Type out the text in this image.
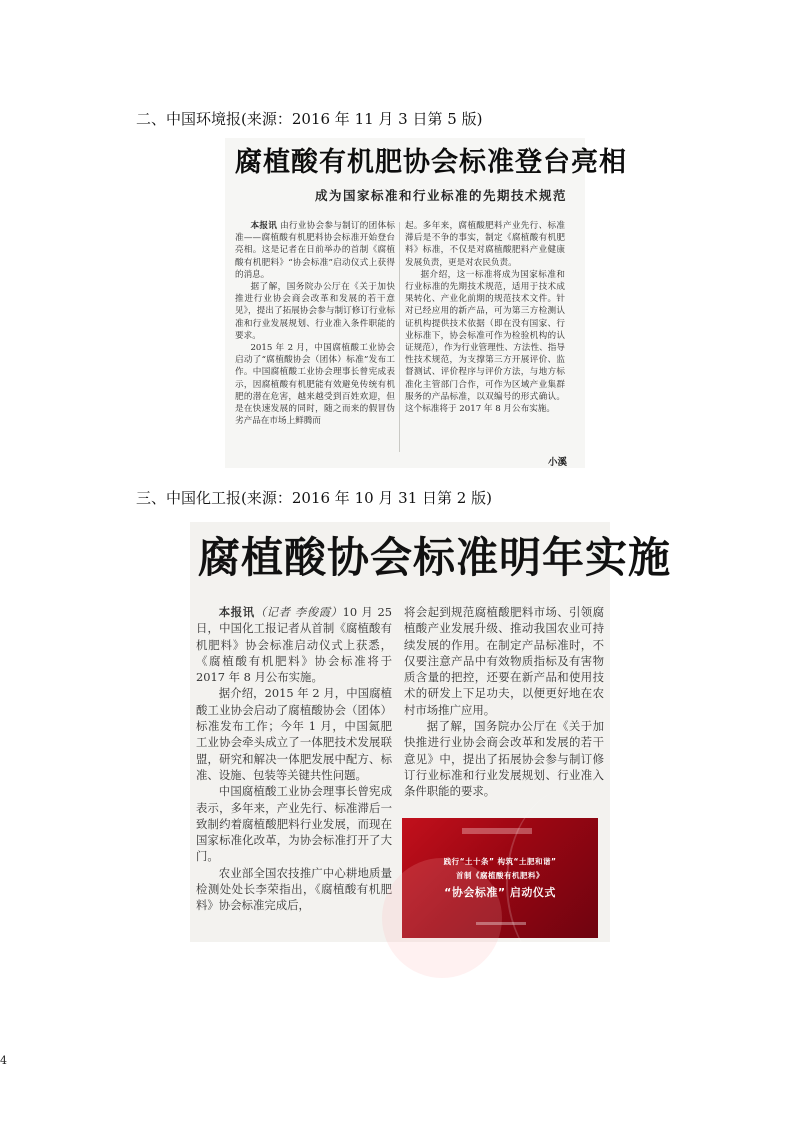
二、中国环境报(来源：2016 年 11 月 3 日第 5 版)
腐植酸有机肥协会标准登台亮相
成为国家标准和行业标准的先期技术规范

本报讯 由行业协会参与制订的团体标准——腐植酸有机肥料协会标准开始登台亮相。这是记者在日前举办的首制《腐植酸有机肥料》“协会标准”启动仪式上获得的消息。

据了解，国务院办公厅在《关于加快推进行业协会商会改革和发展的若干意见》，提出了拓展协会参与制订修订行业标准和行业发展规划、行业准入条件职能的要求。

2015 年 2 月，中国腐植酸工业协会启动了“腐植酸协会（团体）标准”发布工作。中国腐植酸工业协会理事长曾宪成表示，因腐植酸有机肥能有效避免传统有机肥的潜在危害，越来越受到百姓欢迎，但是在快速发展的同时，随之而来的假冒伪劣产品在市场上鲜腾而

起。多年来，腐植酸肥料产业先行、标准滞后是不争的事实，制定《腐植酸有机肥料》标准，不仅是对腐植酸肥料产业健康发展负责，更是对农民负责。

据介绍，这一标准将成为国家标准和行业标准的先期技术规范，适用于技术成果转化、产业化前期的规范技术文件。针对已经应用的新产品，可为第三方检测认证机构提供技术依据（即在没有国家、行业标准下，协会标准可作为检验机构的认证规范），作为行业管理性、方法性、指导性技术规范，为支撑第三方开展评价、监督测试、评价程序与评价方法，与地方标准化主管部门合作，可作为区域产业集群服务的产品标准，以双编号的形式确认。这个标准将于 2017 年 8 月公布实施。

小溪
三、中国化工报(来源：2016 年 10 月 31 日第 2 版)
腐植酸协会标准明年实施

本报讯（记者 李俊霞）10 月 25 日，中国化工报记者从首制《腐植酸有机肥料》协会标准启动仪式上获悉，《腐植酸有机肥料》协会标准将于 2017 年 8 月公布实施。

据介绍，2015 年 2 月，中国腐植酸工业协会启动了腐植酸协会（团体）标准发布工作；今年 1 月，中国氮肥工业协会牵头成立了一体肥技术发展联盟，研究和解决一体肥发展中配方、标准、设施、包装等关键共性问题。

中国腐植酸工业协会理事长曾宪成表示，多年来，产业先行、标准滞后一致制约着腐植酸肥料行业发展，而现在国家标准化改革，为协会标准打开了大门。

农业部全国农技推广中心耕地质量检测处处长李荣指出，《腐植酸有机肥料》协会标准完成后，

将会起到规范腐植酸肥料市场、引领腐植酸产业发展升级、推动我国农业可持续发展的作用。在制定产品标准时，不仅要注意产品中有效物质指标及有害物质含量的把控，还要在新产品和使用技术的研发上下足功夫，以便更好地在农村市场推广应用。

据了解，国务院办公厅在《关于加快推进行业协会商会改革和发展的若干意见》中，提出了拓展协会参与制订修订行业标准和行业发展规划、行业准入条件职能的要求。

践行“土十条” 构筑“土肥和谐”
首制《腐植酸有机肥料》
“协会标准” 启动仪式
4
